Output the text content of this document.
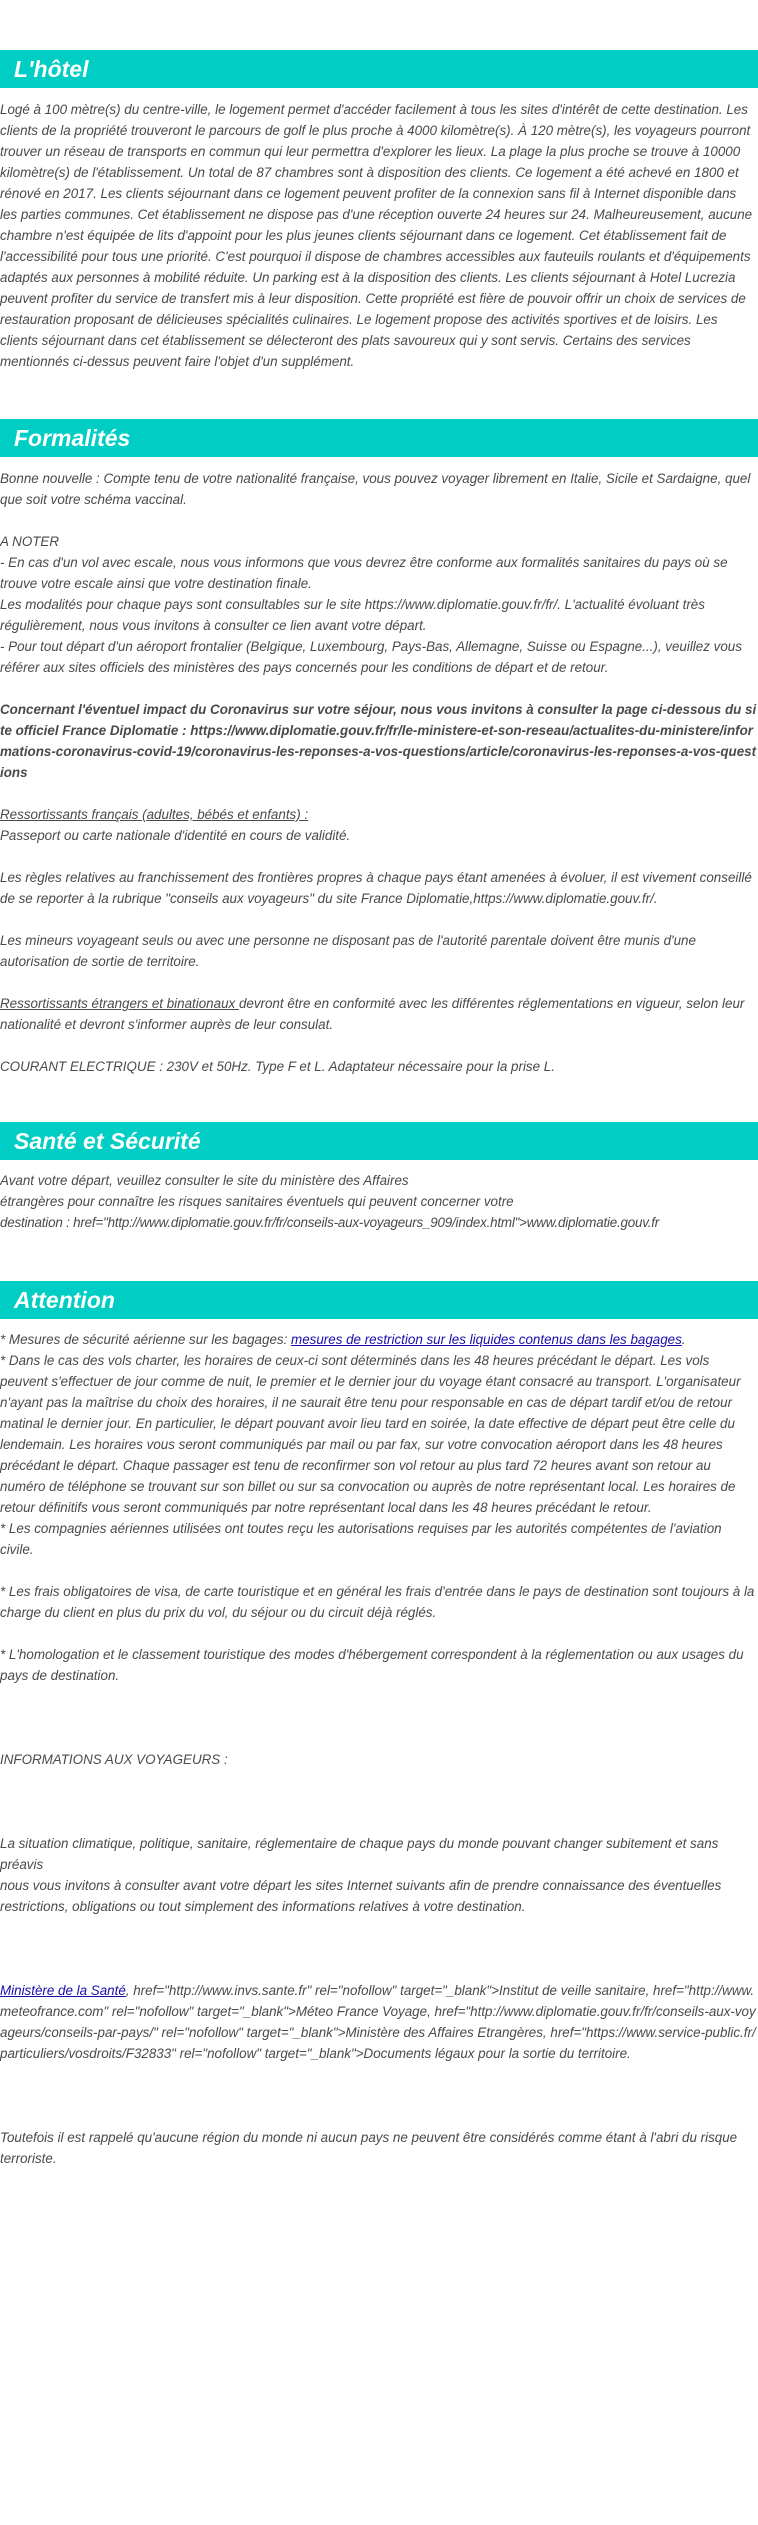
L'hôtel

Logé à 100 mètre(s) du centre-ville, le logement permet d'accéder facilement à tous les sites d'intérêt de cette destination. Les clients de la propriété trouveront le parcours de golf le plus proche à 4000 kilomètre(s). À 120 mètre(s), les voyageurs pourront trouver un réseau de transports en commun qui leur permettra d'explorer les lieux. La plage la plus proche se trouve à 10000 kilomètre(s) de l'établissement. Un total de 87 chambres sont à disposition des clients. Ce logement a été achevé en 1800 et rénové en 2017. Les clients séjournant dans ce logement peuvent profiter de la connexion sans fil à Internet disponible dans les parties communes. Cet établissement ne dispose pas d'une réception ouverte 24 heures sur 24. Malheureusement, aucune chambre n'est équipée de lits d'appoint pour les plus jeunes clients séjournant dans ce logement. Cet établissement fait de l'accessibilité pour tous une priorité. C'est pourquoi il dispose de chambres accessibles aux fauteuils roulants et d'équipements adaptés aux personnes à mobilité réduite. Un parking est à la disposition des clients. Les clients séjournant à Hotel Lucrezia peuvent profiter du service de transfert mis à leur disposition. Cette propriété est fière de pouvoir offrir un choix de services de restauration proposant de délicieuses spécialités culinaires. Le logement propose des activités sportives et de loisirs. Les clients séjournant dans cet établissement se délecteront des plats savoureux qui y sont servis. Certains des services mentionnés ci-dessus peuvent faire l'objet d'un supplément.

Formalités

Bonne nouvelle : Compte tenu de votre nationalité française, vous pouvez voyager librement en Italie, Sicile et Sardaigne, quel que soit votre schéma vaccinal.

A NOTER

- En cas d'un vol avec escale, nous vous informons que vous devrez être conforme aux formalités sanitaires du pays où se trouve votre escale ainsi que votre destination finale.

Les modalités pour chaque pays sont consultables sur le site https://www.diplomatie.gouv.fr/fr/. L'actualité évoluant très régulièrement, nous vous invitons à consulter ce lien avant votre départ.

- Pour tout départ d'un aéroport frontalier (Belgique, Luxembourg, Pays-Bas, Allemagne, Suisse ou Espagne...), veuillez vous référer aux sites officiels des ministères des pays concernés pour les conditions de départ et de retour.

Concernant l'éventuel impact du Coronavirus sur votre séjour, nous vous invitons à consulter la page ci-dessous du site officiel France Diplomatie : https://www.diplomatie.gouv.fr/fr/le-ministere-et-son-reseau/actualites-du-ministere/informations-coronavirus-covid-19/coronavirus-les-reponses-a-vos-questions/article/coronavirus-les-reponses-a-vos-questions

Ressortissants français (adultes, bébés et enfants) :

Passeport ou carte nationale d'identité en cours de validité.

Les règles relatives au franchissement des frontières propres à chaque pays étant amenées à évoluer, il est vivement conseillé de se reporter à la rubrique "conseils aux voyageurs" du site France Diplomatie,https://www.diplomatie.gouv.fr/.

Les mineurs voyageant seuls ou avec une personne ne disposant pas de l'autorité parentale doivent être munis d'une autorisation de sortie de territoire.

Ressortissants étrangers et binationaux devront être en conformité avec les différentes réglementations en vigueur, selon leur nationalité et devront s'informer auprès de leur consulat.

COURANT ELECTRIQUE : 230V et 50Hz. Type F et L. Adaptateur nécessaire pour la prise L.

Santé et Sécurité

Avant votre départ, veuillez consulter le site du ministère des Affaires

étrangères pour connaître les risques sanitaires éventuels qui peuvent concerner votre

destination : href="http://www.diplomatie.gouv.fr/fr/conseils-aux-voyageurs_909/index.html">www.diplomatie.gouv.fr

Attention

* Mesures de sécurité aérienne sur les bagages: mesures de restriction sur les liquides contenus dans les bagages.

* Dans le cas des vols charter, les horaires de ceux-ci sont déterminés dans les 48 heures précédant le départ. Les vols peuvent s'effectuer de jour comme de nuit, le premier et le dernier jour du voyage étant consacré au transport. L'organisateur n'ayant pas la maîtrise du choix des horaires, il ne saurait être tenu pour responsable en cas de départ tardif et/ou de retour matinal le dernier jour. En particulier, le départ pouvant avoir lieu tard en soirée, la date effective de départ peut être celle du lendemain. Les horaires vous seront communiqués par mail ou par fax, sur votre convocation aéroport dans les 48 heures précédant le départ. Chaque passager est tenu de reconfirmer son vol retour au plus tard 72 heures avant son retour au numéro de téléphone se trouvant sur son billet ou sur sa convocation ou auprès de notre représentant local. Les horaires de retour définitifs vous seront communiqués par notre représentant local dans les 48 heures précédant le retour.

* Les compagnies aériennes utilisées ont toutes reçu les autorisations requises par les autorités compétentes de l'aviation civile.

* Les frais obligatoires de visa, de carte touristique et en général les frais d'entrée dans le pays de destination sont toujours à la charge du client en plus du prix du vol, du séjour ou du circuit déjà réglés.

* L'homologation et le classement touristique des modes d'hébergement correspondent à la réglementation ou aux usages du pays de destination.

INFORMATIONS AUX VOYAGEURS :

La situation climatique, politique, sanitaire, réglementaire de chaque pays du monde pouvant changer subitement et sans préavis

nous vous invitons à consulter avant votre départ les sites Internet suivants afin de prendre connaissance des éventuelles restrictions, obligations ou tout simplement des informations relatives à votre destination.

Ministère de la Santé, href="http://www.invs.sante.fr" rel="nofollow" target="_blank">Institut de veille sanitaire, href="http://www.meteofrance.com" rel="nofollow" target="_blank">Méteo France Voyage, href="http://www.diplomatie.gouv.fr/fr/conseils-aux-voyageurs/conseils-par-pays/" rel="nofollow" target="_blank">Ministère des Affaires Etrangères, href="https://www.service-public.fr/particuliers/vosdroits/F32833" rel="nofollow" target="_blank">Documents légaux pour la sortie du territoire.

Toutefois il est rappelé qu'aucune région du monde ni aucun pays ne peuvent être considérés comme étant à l'abri du risque terroriste.
